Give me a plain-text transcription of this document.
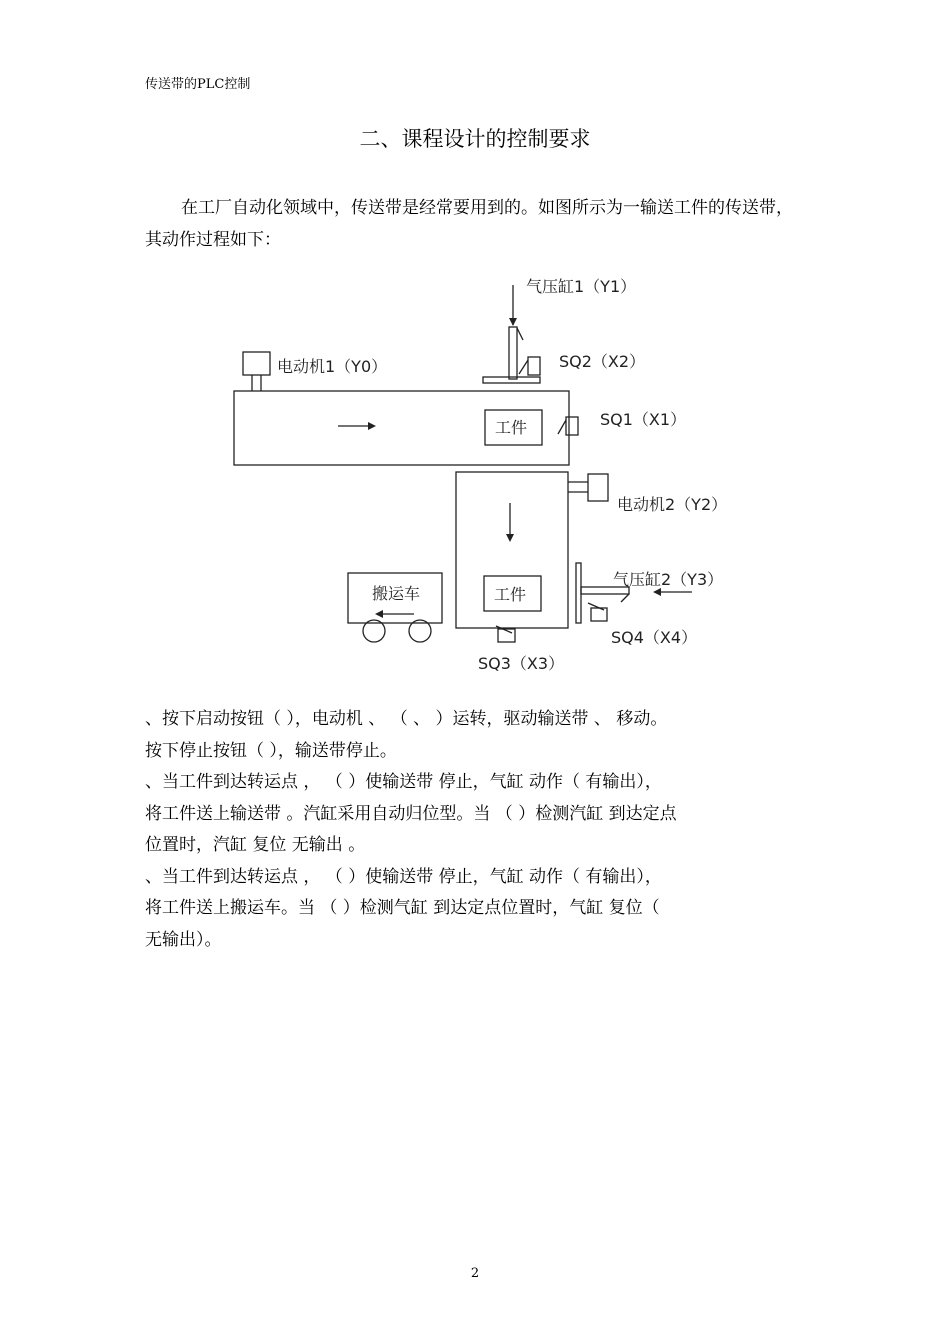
传送带的PLC控制
二、课程设计的控制要求

在工厂自动化领域中，传送带是经常要用到的。如图所示为一输送工件的传送带，其动作过程如下：

气压缸1（Y1）
SQ2（X2）
电动机1（Y0）
工件	SQ1（X1）
电动机2（Y2）
气压缸2（Y3）
搬运车	工件
SQ4（X4）
SQ3（X3）

、按下启动按钮（ ），电动机 、 （ 、 ）运转，驱动输送带 、 移动。
按下停止按钮（ ），输送带停止。
、当工件到达转运点 ， （ ）使输送带 停止，气缸 动作（ 有输出），
将工件送上输送带 。汽缸采用自动归位型。当 （ ）检测汽缸 到达定点
位置时，汽缸 复位 无输出 。
、当工件到达转运点 ， （ ）使输送带 停止，气缸 动作（ 有输出），
将工件送上搬运车。当 （ ）检测气缸 到达定点位置时，气缸 复位（
无输出）。

2
